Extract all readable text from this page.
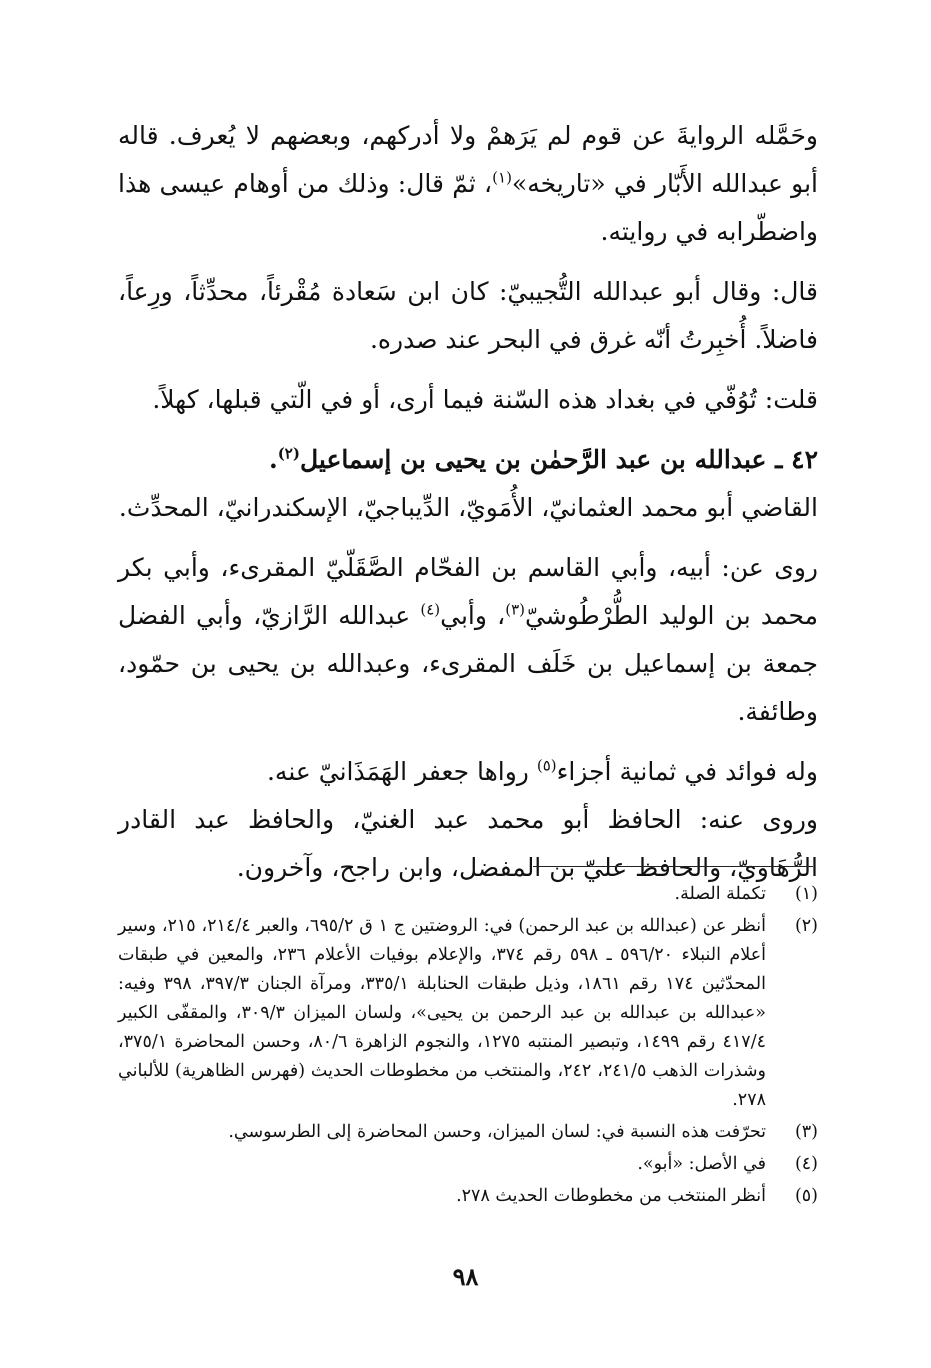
وحَمَّله الروايةَ عن قوم لم يَرَهمْ ولا أدركهم، وبعضهم لا يُعرف. قاله أبو عبدالله الأَبّار في «تاريخه»$^{(١)}$، ثمّ قال: وذلك من أوهام عيسى هذا واضطّرابه في روايته.

قال: وقال أبو عبدالله التُّجيبيّ: كان ابن سَعادة مُقْرئاً، محدِّثاً، ورِعاً، فاضلاً. أُخبِرتُ أنّه غرق في البحر عند صدره.

قلت: تُوُفّي في بغداد هذه السّنة فيما أرى، أو في الّتي قبلها، كهلاً.

٤٢ ـ عبدالله بن عبد الرَّحمٰن بن يحيى بن إسماعيل$^{(٢)}$.

القاضي أبو محمد العثمانيّ، الأُمَويّ، الدِّيباجيّ، الإسكندرانيّ، المحدِّث.

روى عن: أبيه، وأبي القاسم بن الفحّام الصَّقَلّيّ المقرىء، وأبي بكر محمد بن الوليد الطُّرْطُوشيّ$^{(٣)}$، وأبي$^{(٤)}$ عبدالله الرَّازيّ، وأبي الفضل جمعة بن إسماعيل بن خَلَف المقرىء، وعبدالله بن يحيى بن حمّود، وطائفة.

وله فوائد في ثمانية أجزاء$^{(٥)}$ رواها جعفر الهَمَذَانيّ عنه.

وروى عنه: الحافظ أبو محمد عبد الغنيّ، والحافظ عبد القادر الرُّهَاويّ، والحافظ عليّ بن المفضل، وابن راجح، وآخرون.

(١)
تكملة الصلة.
(٢)
أنظر عن (عبدالله بن عبد الرحمن) في: الروضتين ج ١ ق ٦٩٥/٢، والعبر ٢١٤/٤، ٢١٥، وسير أعلام النبلاء ٥٩٦/٢٠ ـ ٥٩٨ رقم ٣٧٤، والإعلام بوفيات الأعلام ٢٣٦، والمعين في طبقات المحدّثين ١٧٤ رقم ١٨٦١، وذيل طبقات الحنابلة ٣٣٥/١، ومرآة الجنان ٣٩٧/٣، ٣٩٨ وفيه: «عبدالله بن عبدالله بن عبد الرحمن بن يحيى»، ولسان الميزان ٣٠٩/٣، والمقفّى الكبير ٤١٧/٤ رقم ١٤٩٩، وتبصير المنتبه ١٢٧٥، والنجوم الزاهرة ٨٠/٦، وحسن المحاضرة ٣٧٥/١، وشذرات الذهب ٢٤١/٥، ٢٤٢، والمنتخب من مخطوطات الحديث (فهرس الظاهرية) للألباني ٢٧٨.
(٣)
تحرّفت هذه النسبة في: لسان الميزان، وحسن المحاضرة إلى الطرسوسي.
(٤)
في الأصل: «أبو».
(٥)
أنظر المنتخب من مخطوطات الحديث ٢٧٨.
٩٨
